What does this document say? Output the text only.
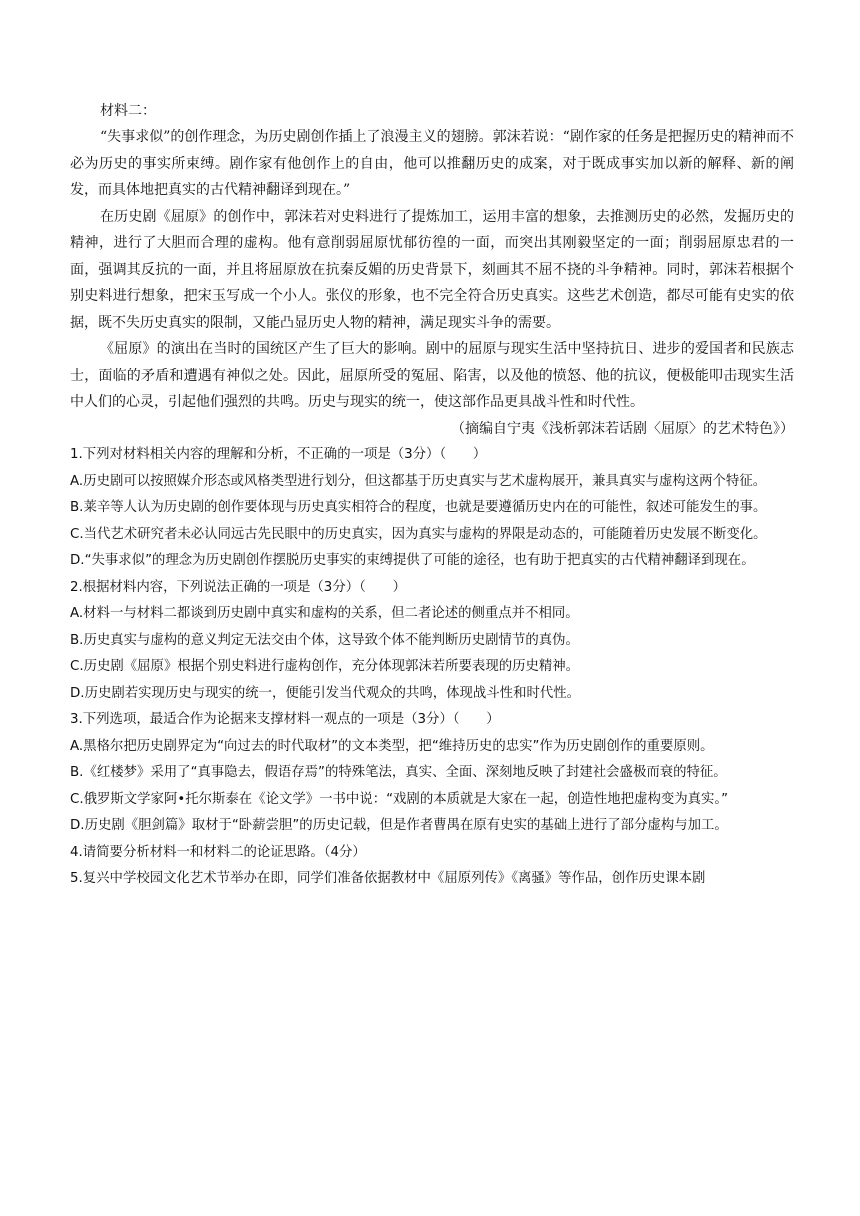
材料二：

“失事求似”的创作理念，为历史剧创作插上了浪漫主义的翅膀。郭沫若说：“剧作家的任务是把握历史的精神而不必为历史的事实所束缚。剧作家有他创作上的自由，他可以推翻历史的成案，对于既成事实加以新的解释、新的阐发，而具体地把真实的古代精神翻译到现在。”

在历史剧《屈原》的创作中，郭沫若对史料进行了提炼加工，运用丰富的想象，去推测历史的必然，发掘历史的精神，进行了大胆而合理的虚构。他有意削弱屈原忧郁彷徨的一面，而突出其刚毅坚定的一面；削弱屈原忠君的一面，强调其反抗的一面，并且将屈原放在抗秦反媚的历史背景下，刻画其不屈不挠的斗争精神。同时，郭沫若根据个别史料进行想象，把宋玉写成一个小人。张仪的形象，也不完全符合历史真实。这些艺术创造，都尽可能有史实的依据，既不失历史真实的限制，又能凸显历史人物的精神，满足现实斗争的需要。

《屈原》的演出在当时的国统区产生了巨大的影响。剧中的屈原与现实生活中坚持抗日、进步的爱国者和民族志士，面临的矛盾和遭遇有神似之处。因此，屈原所受的冤屈、陷害，以及他的愤怒、他的抗议，便极能叩击现实生活中人们的心灵，引起他们强烈的共鸣。历史与现实的统一，使这部作品更具战斗性和时代性。

（摘编自宁夷《浅析郭沫若话剧〈屈原〉的艺术特色》）

1.下列对材料相关内容的理解和分析，不正确的一项是（3分）（　　）

A.历史剧可以按照媒介形态或风格类型进行划分，但这都基于历史真实与艺术虚构展开，兼具真实与虚构这两个特征。

B.莱辛等人认为历史剧的创作要体现与历史真实相符合的程度，也就是要遵循历史内在的可能性，叙述可能发生的事。

C.当代艺术研究者未必认同远古先民眼中的历史真实，因为真实与虚构的界限是动态的，可能随着历史发展不断变化。

D.“失事求似”的理念为历史剧创作摆脱历史事实的束缚提供了可能的途径，也有助于把真实的古代精神翻译到现在。

2.根据材料内容，下列说法正确的一项是（3分）（　　）

A.材料一与材料二都谈到历史剧中真实和虚构的关系，但二者论述的侧重点并不相同。

B.历史真实与虚构的意义判定无法交由个体，这导致个体不能判断历史剧情节的真伪。

C.历史剧《屈原》根据个别史料进行虚构创作，充分体现郭沫若所要表现的历史精神。

D.历史剧若实现历史与现实的统一，便能引发当代观众的共鸣，体现战斗性和时代性。

3.下列选项，最适合作为论据来支撑材料一观点的一项是（3分）（　　）

A.黑格尔把历史剧界定为“向过去的时代取材”的文本类型，把“维持历史的忠实”作为历史剧创作的重要原则。

B.《红楼梦》采用了“真事隐去，假语存焉”的特殊笔法，真实、全面、深刻地反映了封建社会盛极而衰的特征。

C.俄罗斯文学家阿•托尔斯泰在《论文学》一书中说：“戏剧的本质就是大家在一起，创造性地把虚构变为真实。”

D.历史剧《胆剑篇》取材于“卧薪尝胆”的历史记载，但是作者曹禺在原有史实的基础上进行了部分虚构与加工。

4.请简要分析材料一和材料二的论证思路。（4分）

5.复兴中学校园文化艺术节举办在即，同学们准备依据教材中《屈原列传》《离骚》等作品，创作历史课本剧
